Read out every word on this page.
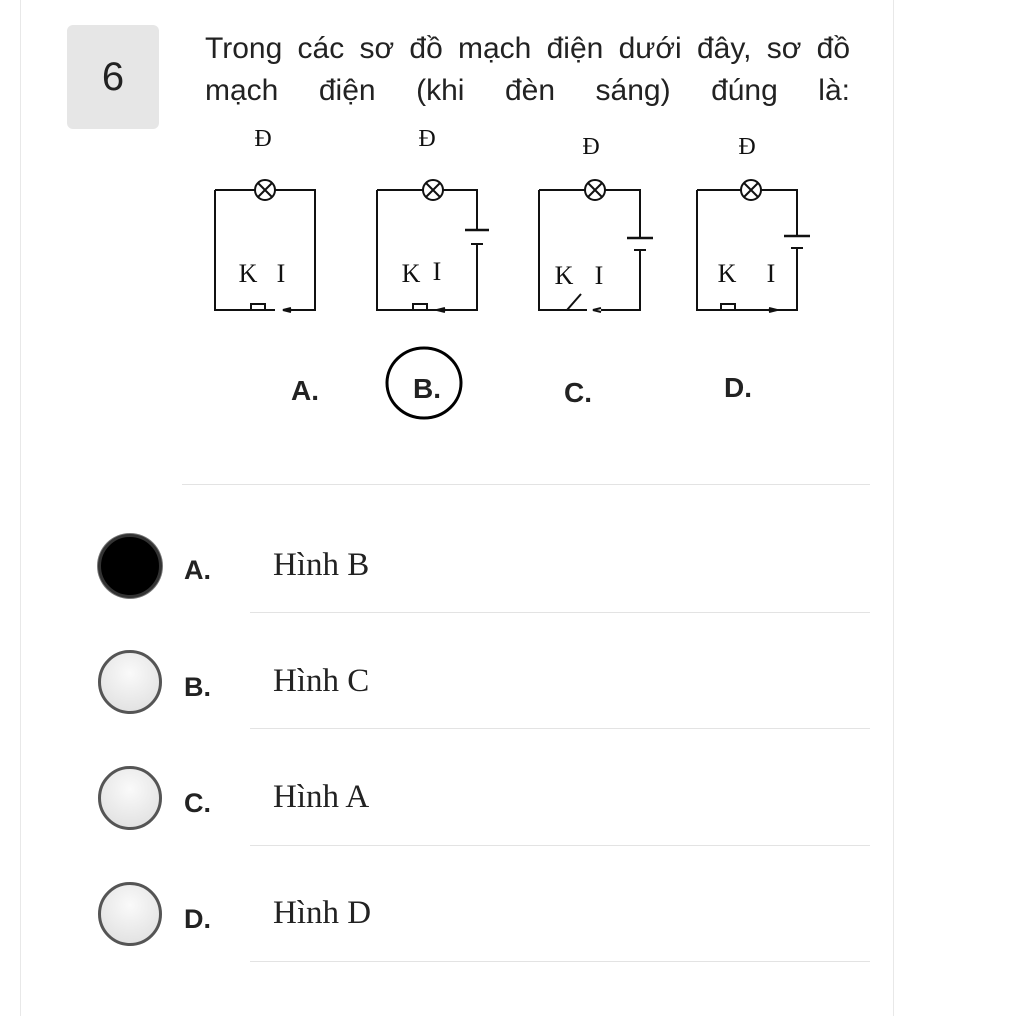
6
Trong các sơ đồ mạch điện dưới đây, sơ đồ mạch điện (khi đèn sáng) đúng là:
Đ	Đ	Đ	Đ
K I	K I	K I	K I
A.	B.	C.	D.
A. Hình B
B. Hình C
C. Hình A
D. Hình D
